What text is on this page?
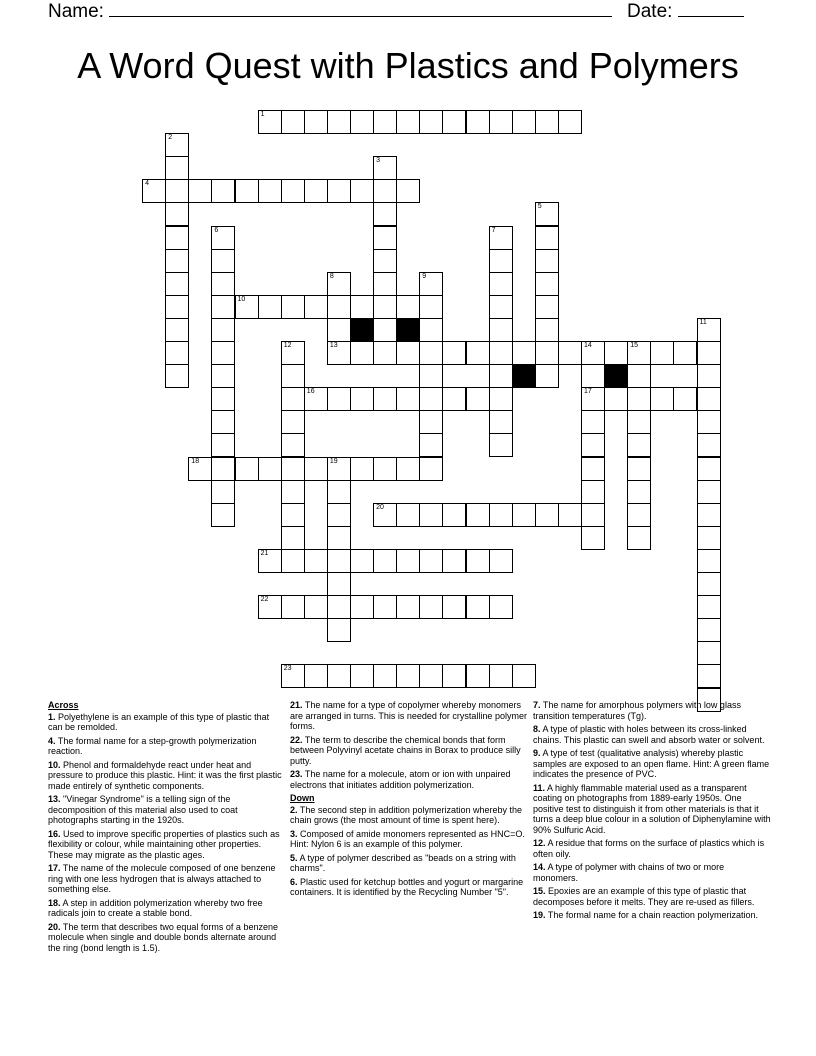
Name:	Date:
A Word Quest with Plastics and Polymers
1
4
10
13	14	15
16	17
18	19
20
21
22
23
2
3
5
6	7
8	9
11
12
Across
1. Polyethylene is an example of this type of plastic that can be remolded.
4. The formal name for a step-growth polymerization reaction.
10. Phenol and formaldehyde react under heat and pressure to produce this plastic. Hint: it was the first plastic made entirely of synthetic components.
13. "Vinegar Syndrome" is a telling sign of the decomposition of this material also used to coat photographs starting in the 1920s.
16. Used to improve specific properties of plastics such as flexibility or colour, while maintaining other properties. These may migrate as the plastic ages.
17. The name of the molecule composed of one benzene ring with one less hydrogen that is always attached to something else.
18. A step in addition polymerization whereby two free radicals join to create a stable bond.
20. The term that describes two equal forms of a benzene molecule when single and double bonds alternate around the ring (bond length is 1.5).
21. The name for a type of copolymer whereby monomers are arranged in turns. This is needed for crystalline polymer forms.
22. The term to describe the chemical bonds that form between Polyvinyl acetate chains in Borax to produce silly putty.
23. The name for a molecule, atom or ion with unpaired electrons that initiates addition polymerization.
Down
2. The second step in addition polymerization whereby the chain grows (the most amount of time is spent here).
3. Composed of amide monomers represented as HNC=O. Hint: Nylon 6 is an example of this polymer.
5. A type of polymer described as "beads on a string with charms".
6. Plastic used for ketchup bottles and yogurt or margarine containers. It is identified by the Recycling Number "5".
7. The name for amorphous polymers with low glass transition temperatures (Tg).
8. A type of plastic with holes between its cross-linked chains. This plastic can swell and absorb water or solvent.
9. A type of test (qualitative analysis) whereby plastic samples are exposed to an open flame. Hint: A green flame indicates the presence of PVC.
11. A highly flammable material used as a transparent coating on photographs from 1889-early 1950s. One positive test to distinguish it from other materials is that it turns a deep blue colour in a solution of Diphenylamine with 90% Sulfuric Acid.
12. A residue that forms on the surface of plastics which is often oily.
14. A type of polymer with chains of two or more monomers.
15. Epoxies are an example of this type of plastic that decomposes before it melts. They are re-used as fillers.
19. The formal name for a chain reaction polymerization.
